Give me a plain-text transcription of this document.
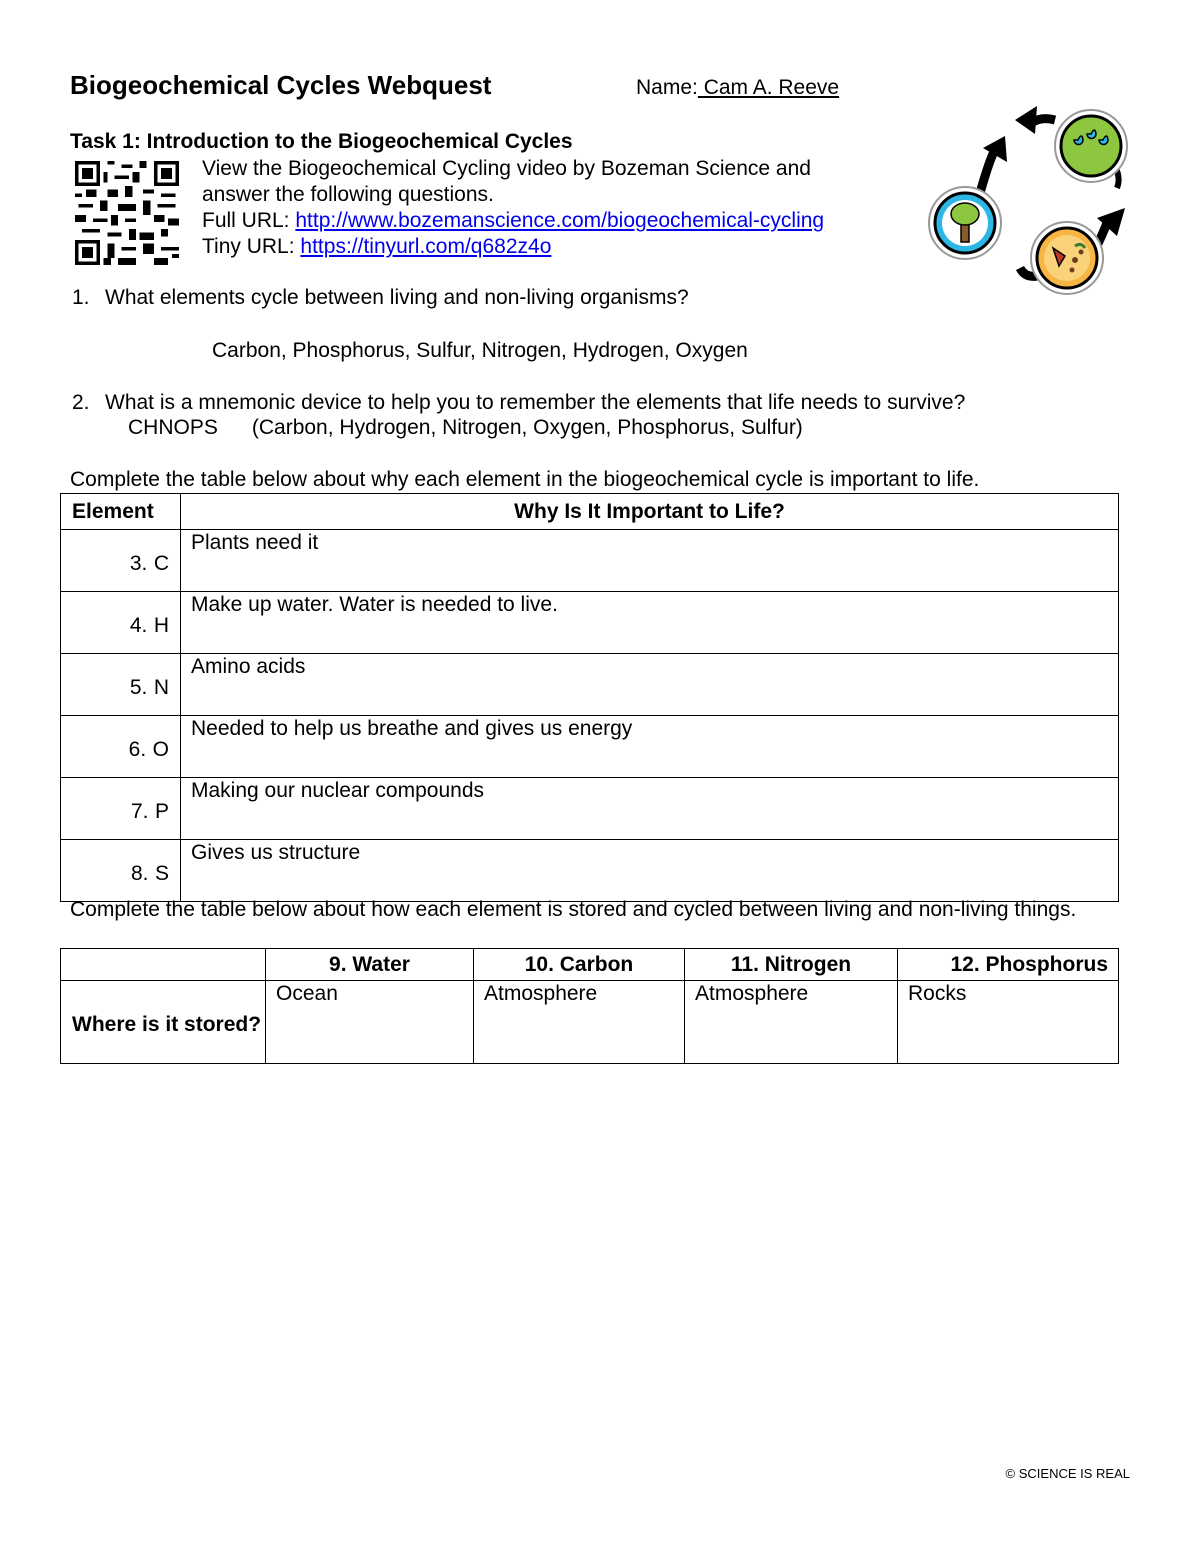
Biogeochemical Cycles Webquest	Name: Cam A. Reeve
Task 1: Introduction to the Biogeochemical Cycles
View the Biogeochemical Cycling video by Bozeman Science and
answer the following questions.
Full URL: http://www.bozemanscience.com/biogeochemical-cycling
Tiny URL: https://tinyurl.com/q682z4o
1. What elements cycle between living and non-living organisms?
Carbon, Phosphorus, Sulfur, Nitrogen, Hydrogen, Oxygen
2. What is a mnemonic device to help you to remember the elements that life needs to survive?
CHNOPS (Carbon, Hydrogen, Nitrogen, Oxygen, Phosphorus, Sulfur)
Complete the table below about why each element in the biogeochemical cycle is important to life.
Element	Why Is It Important to Life?
3. C	Plants need it
4. H	Make up water. Water is needed to live.
5. N	Amino acids
6. O	Needed to help us breathe and gives us energy
7. P	Making our nuclear compounds
8. S	Gives us structure
Complete the table below about how each element is stored and cycled between living and non-living things.
	9. Water	10. Carbon	11. Nitrogen	12. Phosphorus
Where is it stored?	Ocean	Atmosphere	Atmosphere	Rocks
© SCIENCE IS REAL
